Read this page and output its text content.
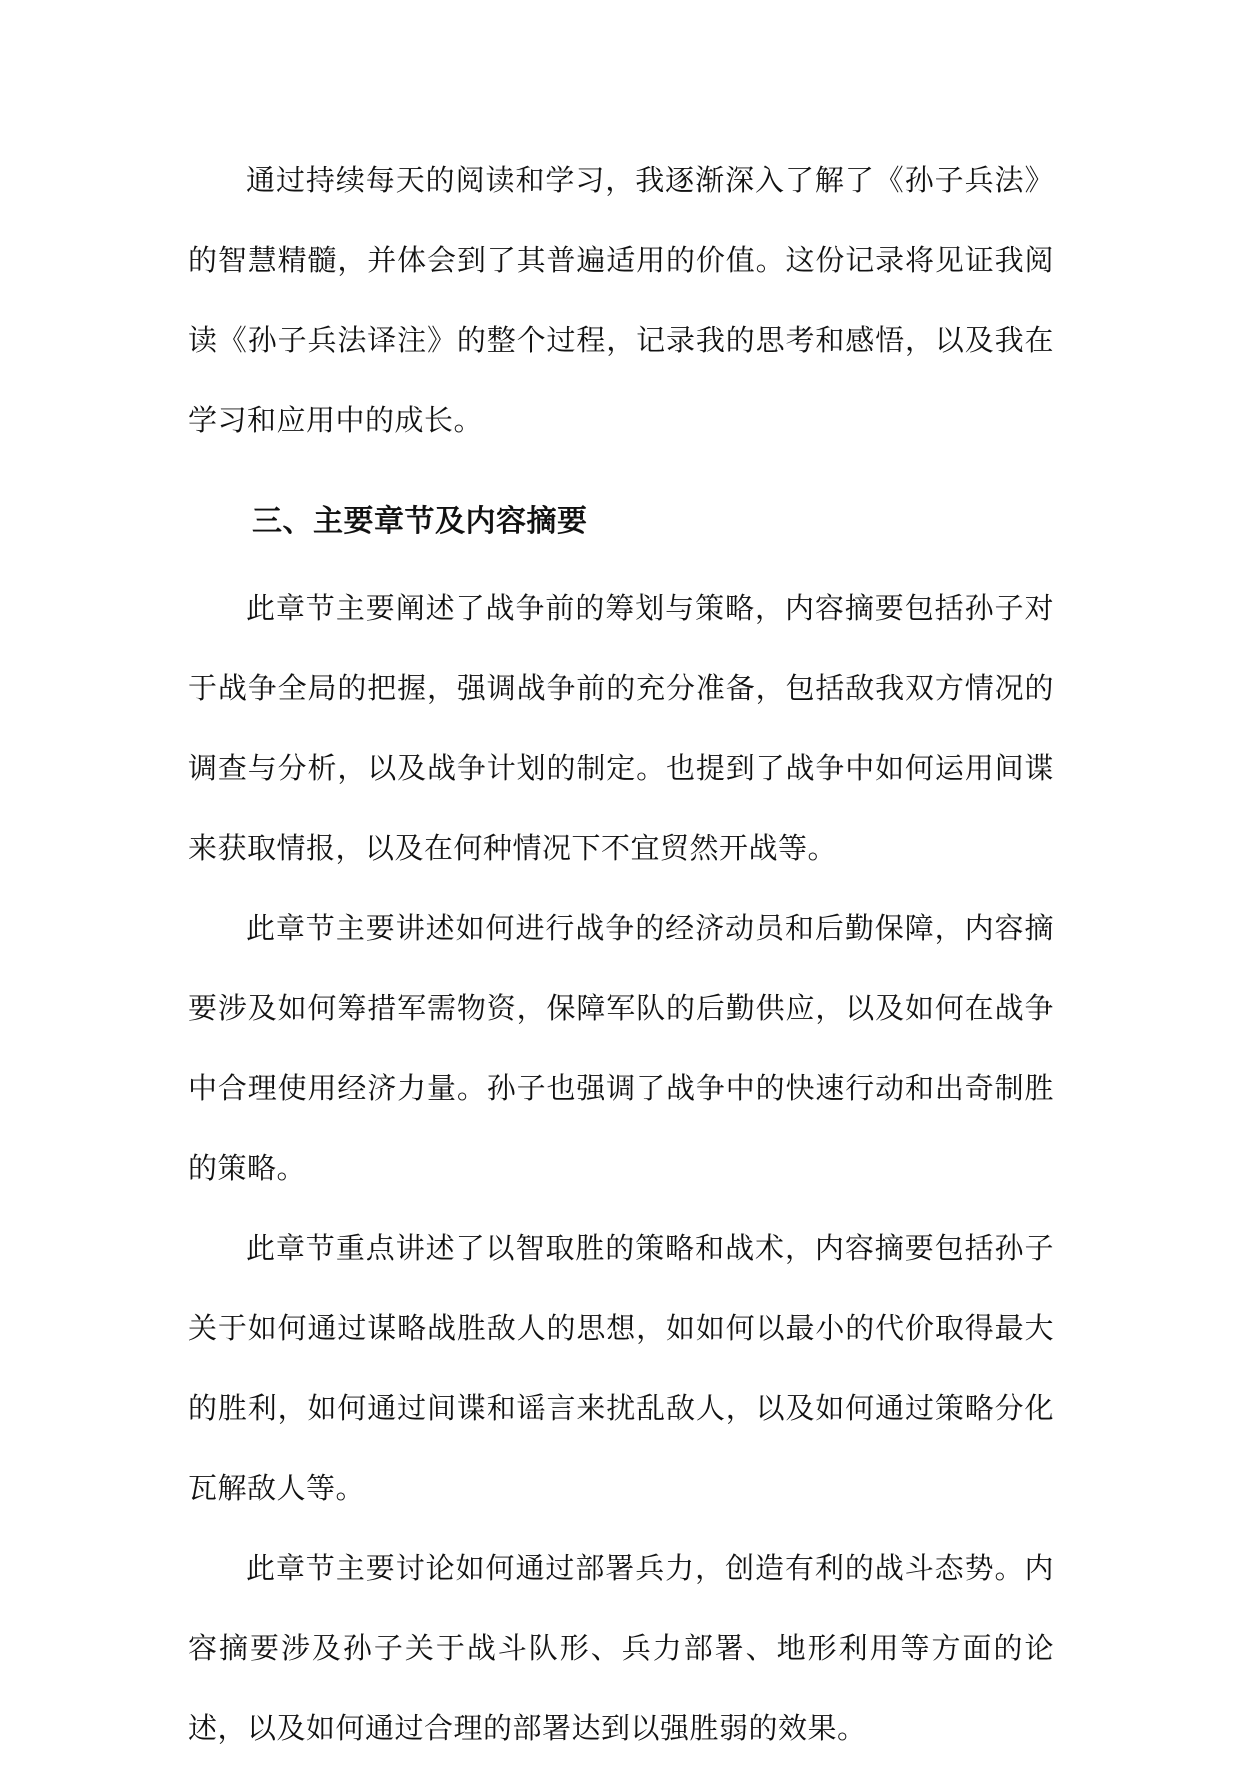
通过持续每天的阅读和学习，我逐渐深入了解了《孙子兵法》的智慧精髓，并体会到了其普遍适用的价值。这份记录将见证我阅读《孙子兵法译注》的整个过程，记录我的思考和感悟，以及我在学习和应用中的成长。

三、主要章节及内容摘要

此章节主要阐述了战争前的筹划与策略，内容摘要包括孙子对于战争全局的把握，强调战争前的充分准备，包括敌我双方情况的调查与分析，以及战争计划的制定。也提到了战争中如何运用间谍来获取情报，以及在何种情况下不宜贸然开战等。

此章节主要讲述如何进行战争的经济动员和后勤保障，内容摘要涉及如何筹措军需物资，保障军队的后勤供应，以及如何在战争中合理使用经济力量。孙子也强调了战争中的快速行动和出奇制胜的策略。

此章节重点讲述了以智取胜的策略和战术，内容摘要包括孙子关于如何通过谋略战胜敌人的思想，如如何以最小的代价取得最大的胜利，如何通过间谍和谣言来扰乱敌人，以及如何通过策略分化瓦解敌人等。

此章节主要讨论如何通过部署兵力，创造有利的战斗态势。内容摘要涉及孙子关于战斗队形、兵力部署、地形利用等方面的论述，以及如何通过合理的部署达到以强胜弱的效果。
